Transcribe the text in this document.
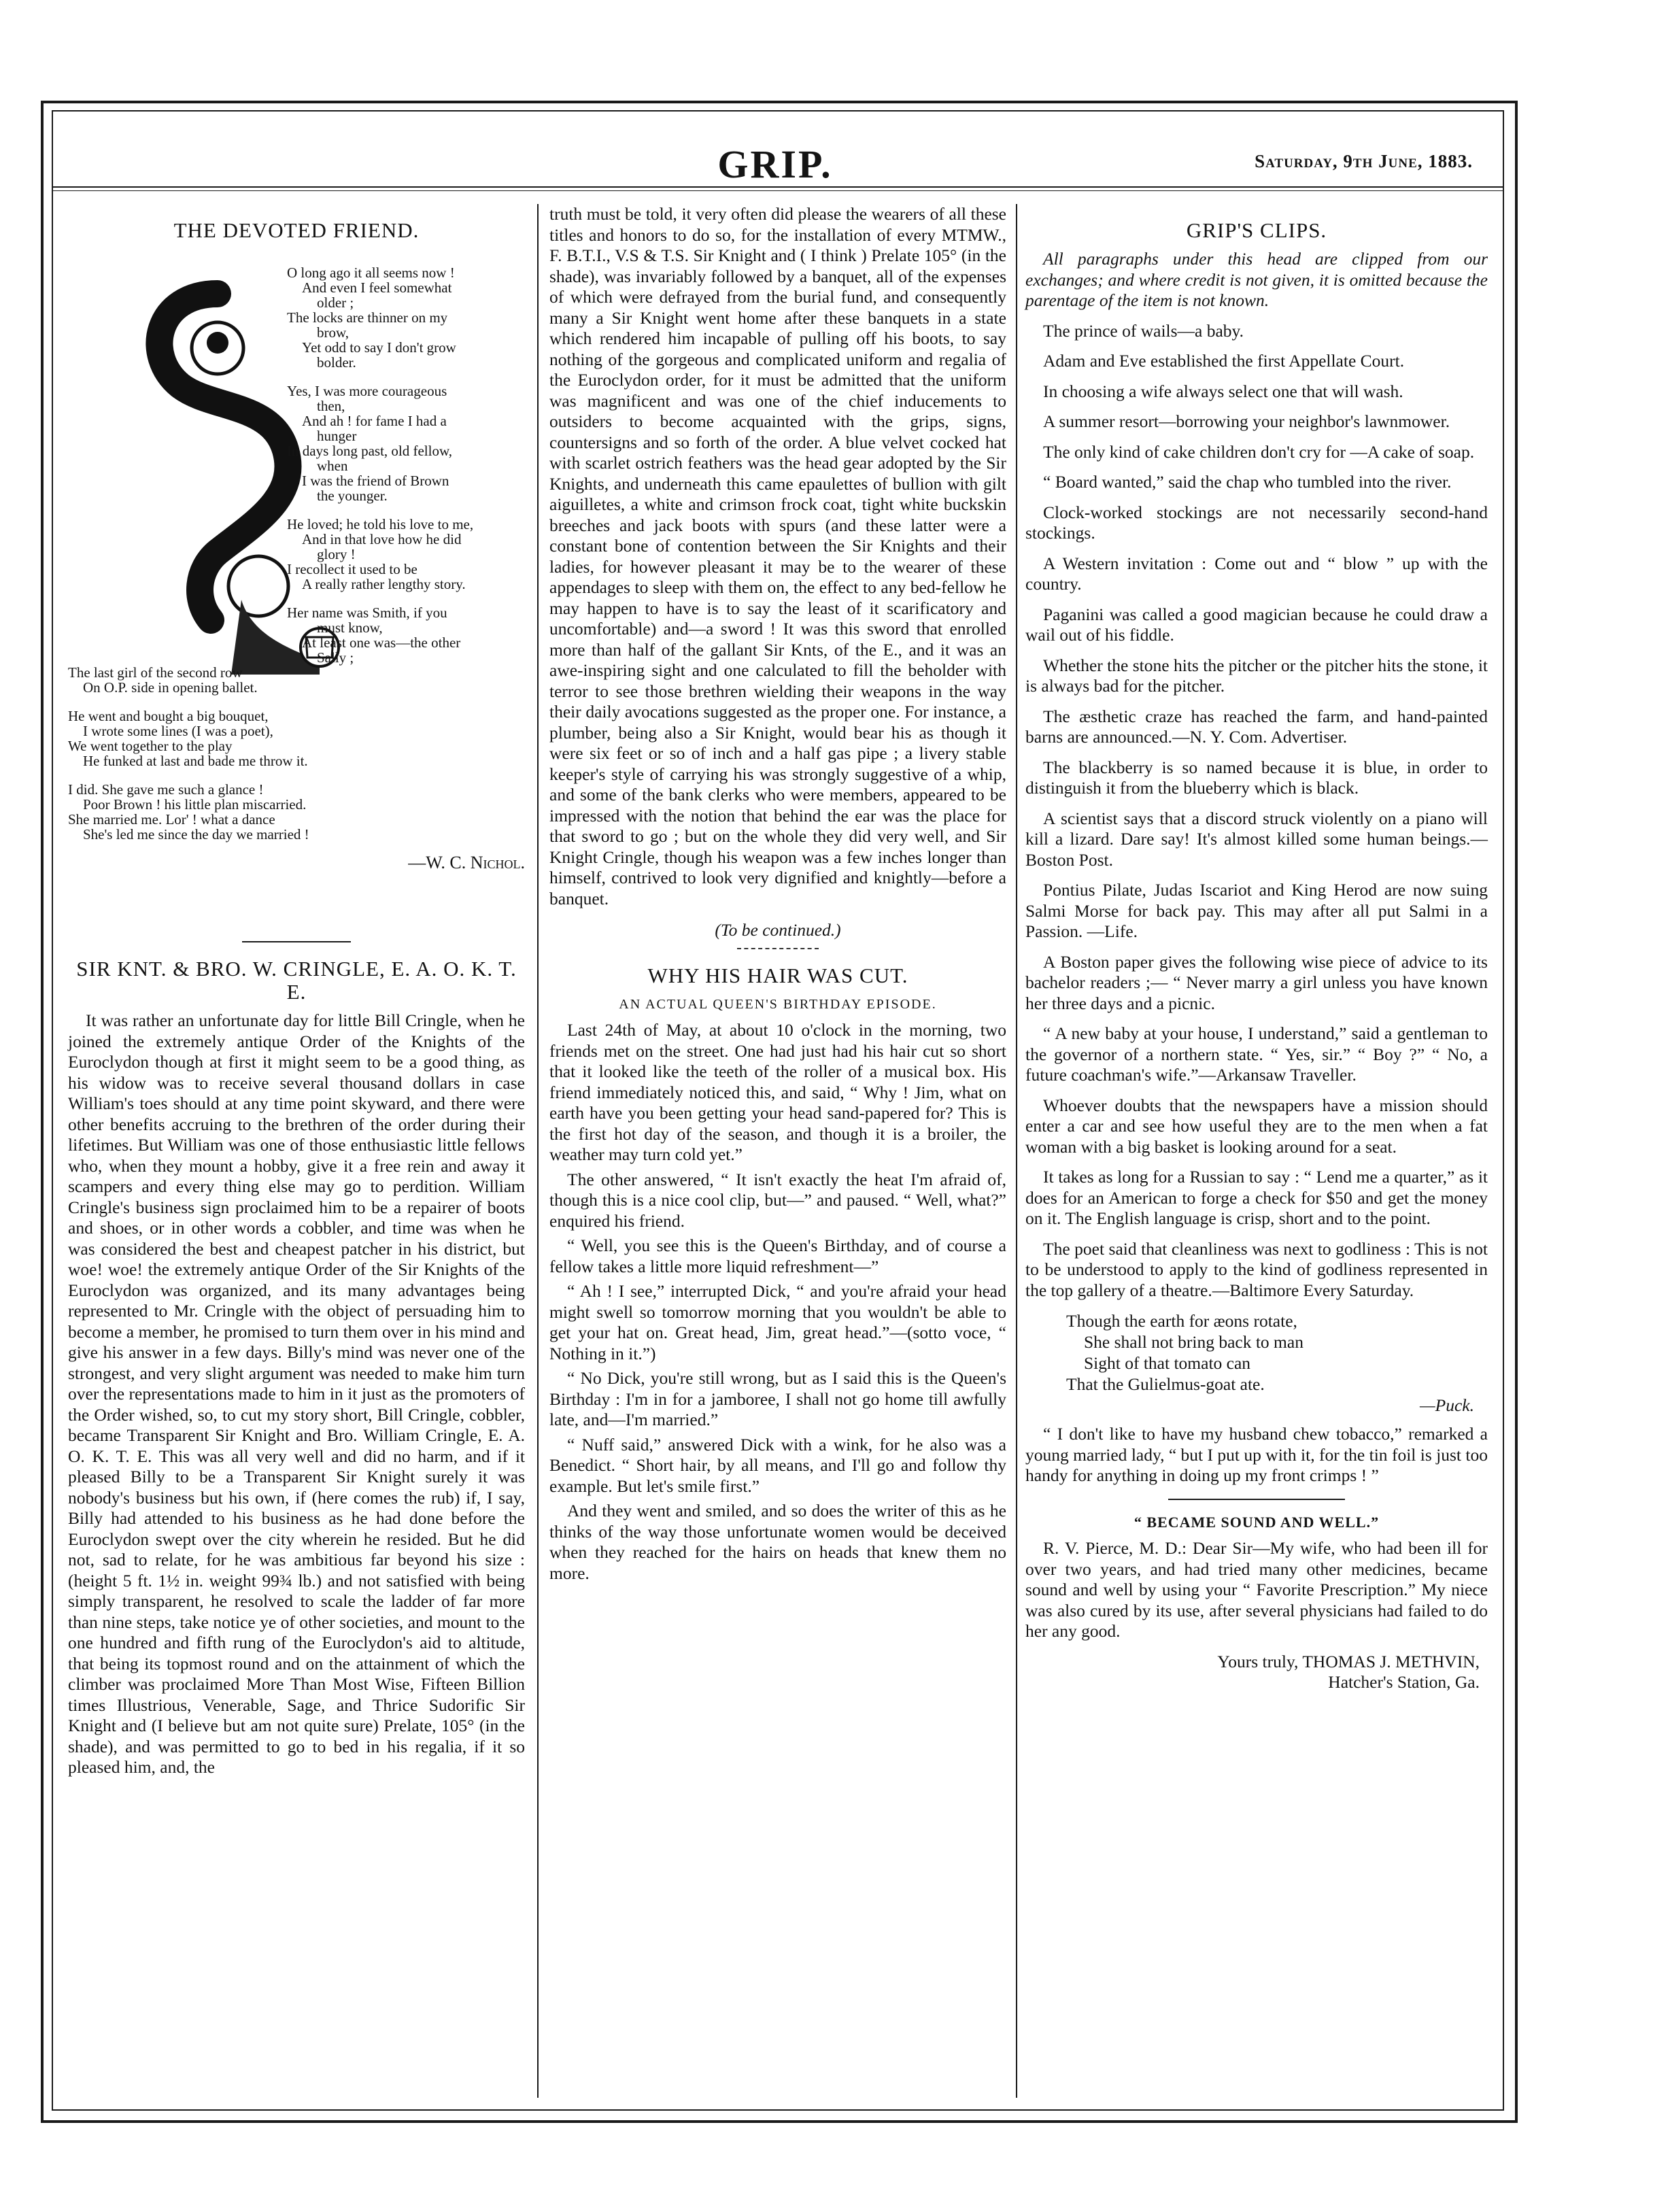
GRIP.	Saturday, 9th June, 1883.
THE DEVOTED FRIEND.
O long ago it all seems now !
And even I feel somewhat
older ;
The locks are thinner on my
brow,
Yet odd to say I don't grow
bolder.
Yes, I was more courageous
then,
And ah ! for fame I had a
hunger
In days long past, old fellow,
when
I was the friend of Brown
the younger.
He loved; he told his love to me,
And in that love how he did
glory !
I recollect it used to be
A really rather lengthy story.
Her name was Smith, if you
must know,
At least one was—the other
Sally ;
The last girl of the second row
On O.P. side in opening ballet.
He went and bought a big bouquet,
I wrote some lines (I was a poet),
We went together to the play
He funked at last and bade me throw it.
I did. She gave me such a glance !
Poor Brown ! his little plan miscarried.
She married me. Lor' ! what a dance
She's led me since the day we married !
—W. C. Nichol.
SIR KNT. & BRO. W. CRINGLE, E. A. O. K. T. E.

It was rather an unfortunate day for little Bill Cringle, when he joined the extremely antique Order of the Knights of the Euroclydon though at first it might seem to be a good thing, as his widow was to receive several thousand dollars in case William's toes should at any time point skyward, and there were other benefits accruing to the brethren of the order during their lifetimes. But William was one of those enthusiastic little fellows who, when they mount a hobby, give it a free rein and away it scampers and every thing else may go to perdition. William Cringle's business sign proclaimed him to be a repairer of boots and shoes, or in other words a cobbler, and time was when he was considered the best and cheapest patcher in his district, but woe! woe! the extremely antique Order of the Sir Knights of the Euroclydon was organized, and its many advantages being represented to Mr. Cringle with the object of persuading him to become a member, he promised to turn them over in his mind and give his answer in a few days. Billy's mind was never one of the strongest, and very slight argument was needed to make him turn over the representations made to him in it just as the promoters of the Order wished, so, to cut my story short, Bill Cringle, cobbler, became Transparent Sir Knight and Bro. William Cringle, E. A. O. K. T. E. This was all very well and did no harm, and if it pleased Billy to be a Transparent Sir Knight surely it was nobody's business but his own, if (here comes the rub) if, I say, Billy had attended to his business as he had done before the Euroclydon swept over the city wherein he resided. But he did not, sad to relate, for he was ambitious far beyond his size : (height 5 ft. 1½ in. weight 99¾ lb.) and not satisfied with being simply transparent, he resolved to scale the ladder of far more than nine steps, take notice ye of other societies, and mount to the one hundred and fifth rung of the Euroclydon's aid to altitude, that being its topmost round and on the attainment of which the climber was proclaimed More Than Most Wise, Fifteen Billion times Illustrious, Venerable, Sage, and Thrice Sudorific Sir Knight and (I believe but am not quite sure) Prelate, 105° (in the shade), and was permitted to go to bed in his regalia, if it so pleased him, and, the

truth must be told, it very often did please the wearers of all these titles and honors to do so, for the installation of every MTMW., F. B.T.I., V.S & T.S. Sir Knight and ( I think ) Prelate 105° (in the shade), was invariably followed by a banquet, all of the expenses of which were defrayed from the burial fund, and consequently many a Sir Knight went home after these banquets in a state which rendered him incapable of pulling off his boots, to say nothing of the gorgeous and complicated uniform and regalia of the Euroclydon order, for it must be admitted that the uniform was magnificent and was one of the chief inducements to outsiders to become acquainted with the grips, signs, countersigns and so forth of the order. A blue velvet cocked hat with scarlet ostrich feathers was the head gear adopted by the Sir Knights, and underneath this came epaulettes of bullion with gilt aiguilletes, a white and crimson frock coat, tight white buckskin breeches and jack boots with spurs (and these latter were a constant bone of contention between the Sir Knights and their ladies, for however pleasant it may be to the wearer of these appendages to sleep with them on, the effect to any bed-fellow he may happen to have is to say the least of it scarificatory and uncomfortable) and—a sword ! It was this sword that enrolled more than half of the gallant Sir Knts, of the E., and it was an awe-inspiring sight and one calculated to fill the beholder with terror to see those brethren wielding their weapons in the way their daily avocations suggested as the proper one. For instance, a plumber, being also a Sir Knight, would bear his as though it were six feet or so of inch and a half gas pipe ; a livery stable keeper's style of carrying his was strongly suggestive of a whip, and some of the bank clerks who were members, appeared to be impressed with the notion that behind the ear was the place for that sword to go ; but on the whole they did very well, and Sir Knight Cringle, though his weapon was a few inches longer than himself, contrived to look very dignified and knightly—before a banquet.

(To be continued.)
WHY HIS HAIR WAS CUT.
AN ACTUAL QUEEN'S BIRTHDAY EPISODE.

Last 24th of May, at about 10 o'clock in the morning, two friends met on the street. One had just had his hair cut so short that it looked like the teeth of the roller of a musical box. His friend immediately noticed this, and said, “ Why ! Jim, what on earth have you been getting your head sand-papered for? This is the first hot day of the season, and though it is a broiler, the weather may turn cold yet.”

The other answered, “ It isn't exactly the heat I'm afraid of, though this is a nice cool clip, but—” and paused. “ Well, what?” enquired his friend.

“ Well, you see this is the Queen's Birthday, and of course a fellow takes a little more liquid refreshment—”

“ Ah ! I see,” interrupted Dick, “ and you're afraid your head might swell so tomorrow morning that you wouldn't be able to get your hat on. Great head, Jim, great head.”—(sotto voce, “ Nothing in it.”)

“ No Dick, you're still wrong, but as I said this is the Queen's Birthday : I'm in for a jamboree, I shall not go home till awfully late, and—I'm married.”

“ Nuff said,” answered Dick with a wink, for he also was a Benedict. “ Short hair, by all means, and I'll go and follow thy example. But let's smile first.”

And they went and smiled, and so does the writer of this as he thinks of the way those unfortunate women would be deceived when they reached for the hairs on heads that knew them no more.

GRIP'S CLIPS.

All paragraphs under this head are clipped from our exchanges; and where credit is not given, it is omitted because the parentage of the item is not known.

The prince of wails—a baby.

Adam and Eve established the first Appellate Court.

In choosing a wife always select one that will wash.

A summer resort—borrowing your neighbor's lawnmower.

The only kind of cake children don't cry for —A cake of soap.

“ Board wanted,” said the chap who tumbled into the river.

Clock-worked stockings are not necessarily second-hand stockings.

A Western invitation : Come out and “ blow ” up with the country.

Paganini was called a good magician because he could draw a wail out of his fiddle.

Whether the stone hits the pitcher or the pitcher hits the stone, it is always bad for the pitcher.

The æsthetic craze has reached the farm, and hand-painted barns are announced.—N. Y. Com. Advertiser.

The blackberry is so named because it is blue, in order to distinguish it from the blueberry which is black.

A scientist says that a discord struck violently on a piano will kill a lizard. Dare say! It's almost killed some human beings.—Boston Post.

Pontius Pilate, Judas Iscariot and King Herod are now suing Salmi Morse for back pay. This may after all put Salmi in a Passion. —Life.

A Boston paper gives the following wise piece of advice to its bachelor readers ;— “ Never marry a girl unless you have known her three days and a picnic.

“ A new baby at your house, I understand,” said a gentleman to the governor of a northern state. “ Yes, sir.” “ Boy ?” “ No, a future coachman's wife.”—Arkansaw Traveller.

Whoever doubts that the newspapers have a mission should enter a car and see how useful they are to the men when a fat woman with a big basket is looking around for a seat.

It takes as long for a Russian to say : “ Lend me a quarter,” as it does for an American to forge a check for $50 and get the money on it. The English language is crisp, short and to the point.

The poet said that cleanliness was next to godliness : This is not to be understood to apply to the kind of godliness represented in the top gallery of a theatre.—Baltimore Every Saturday.

Though the earth for æons rotate,
She shall not bring back to man
Sight of that tomato can
That the Gulielmus-goat ate.
—Puck.

“ I don't like to have my husband chew tobacco,” remarked a young married lady, “ but I put up with it, for the tin foil is just too handy for anything in doing up my front crimps ! ”

“ BECAME SOUND AND WELL.”

R. V. Pierce, M. D.: Dear Sir—My wife, who had been ill for over two years, and had tried many other medicines, became sound and well by using your “ Favorite Prescription.” My niece was also cured by its use, after several physicians had failed to do her any good.

Yours truly, THOMAS J. METHVIN,
Hatcher's Station, Ga.
